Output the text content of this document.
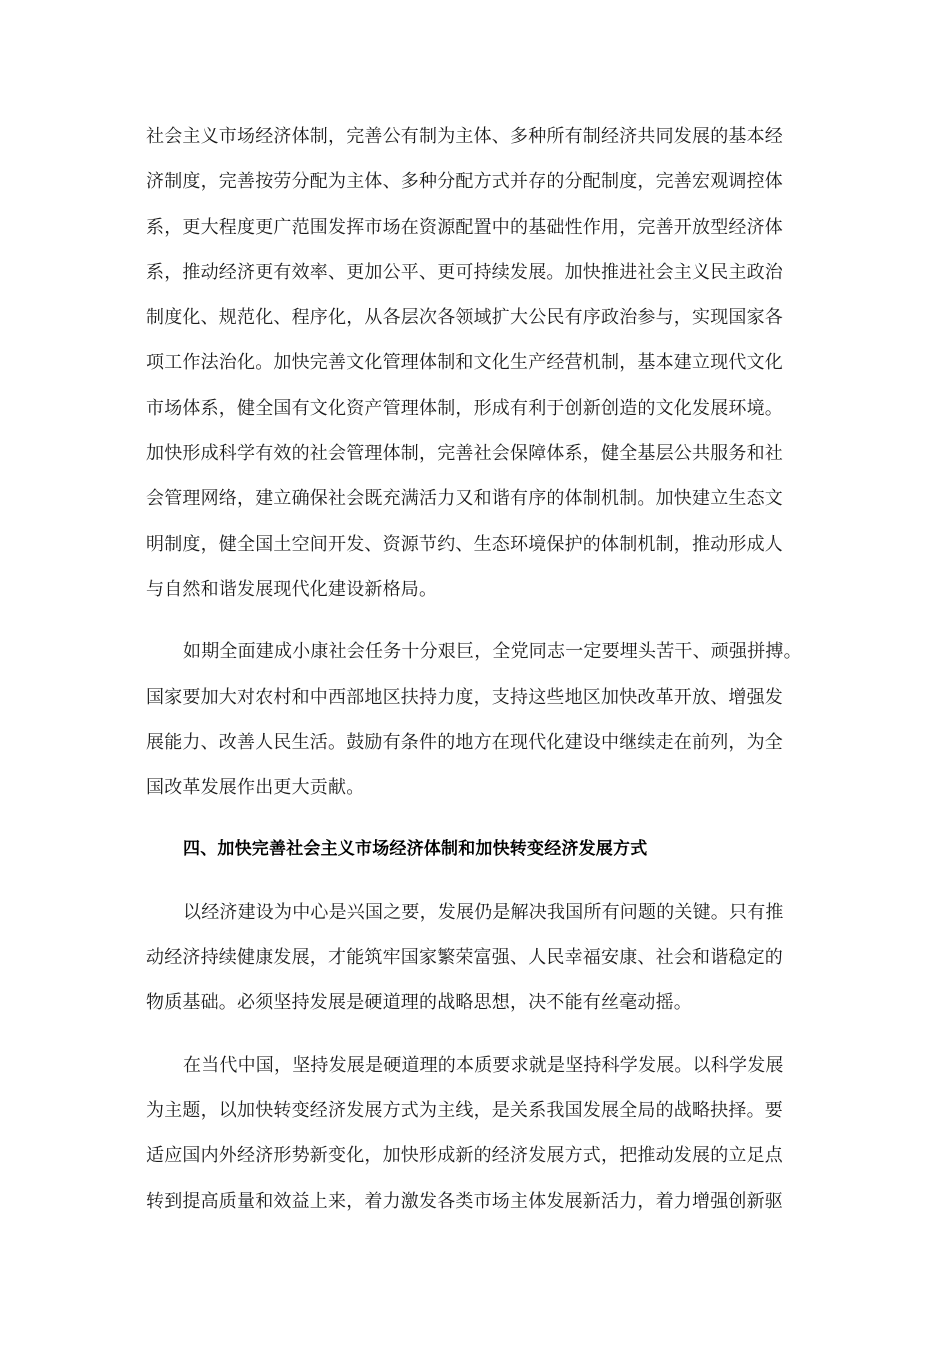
社会主义市场经济体制，完善公有制为主体、多种所有制经济共同发展的基本经
济制度，完善按劳分配为主体、多种分配方式并存的分配制度，完善宏观调控体
系，更大程度更广范围发挥市场在资源配置中的基础性作用，完善开放型经济体
系，推动经济更有效率、更加公平、更可持续发展。加快推进社会主义民主政治
制度化、规范化、程序化，从各层次各领域扩大公民有序政治参与，实现国家各
项工作法治化。加快完善文化管理体制和文化生产经营机制，基本建立现代文化
市场体系，健全国有文化资产管理体制，形成有利于创新创造的文化发展环境。
加快形成科学有效的社会管理体制，完善社会保障体系，健全基层公共服务和社
会管理网络，建立确保社会既充满活力又和谐有序的体制机制。加快建立生态文
明制度，健全国土空间开发、资源节约、生态环境保护的体制机制，推动形成人
与自然和谐发展现代化建设新格局。
如期全面建成小康社会任务十分艰巨，全党同志一定要埋头苦干、顽强拼搏。
国家要加大对农村和中西部地区扶持力度，支持这些地区加快改革开放、增强发
展能力、改善人民生活。鼓励有条件的地方在现代化建设中继续走在前列，为全
国改革发展作出更大贡献。
四、加快完善社会主义市场经济体制和加快转变经济发展方式
以经济建设为中心是兴国之要，发展仍是解决我国所有问题的关键。只有推
动经济持续健康发展，才能筑牢国家繁荣富强、人民幸福安康、社会和谐稳定的
物质基础。必须坚持发展是硬道理的战略思想，决不能有丝毫动摇。
在当代中国，坚持发展是硬道理的本质要求就是坚持科学发展。以科学发展
为主题，以加快转变经济发展方式为主线，是关系我国发展全局的战略抉择。要
适应国内外经济形势新变化，加快形成新的经济发展方式，把推动发展的立足点
转到提高质量和效益上来，着力激发各类市场主体发展新活力，着力增强创新驱
